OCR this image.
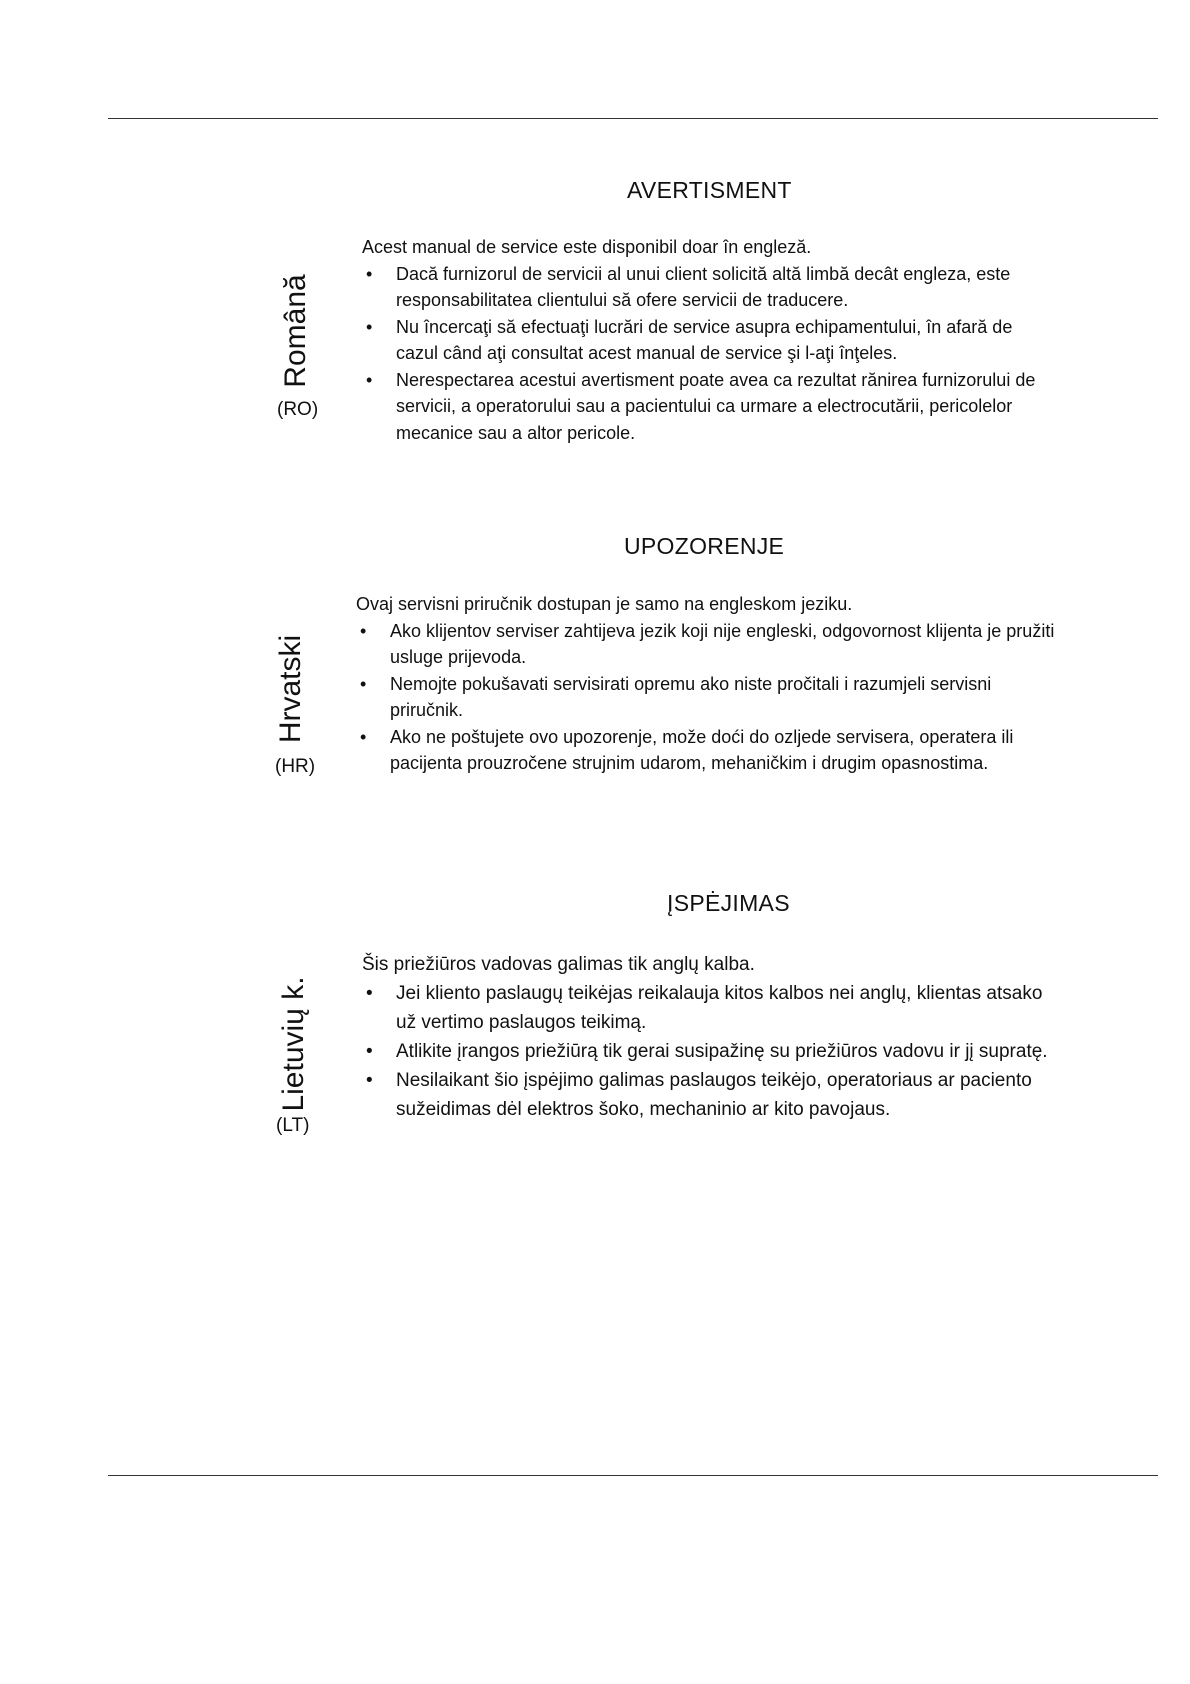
AVERTISMENT
Română
(RO)

Acest manual de service este disponibil doar în engleză.

• Dacă furnizorul de servicii al unui client solicită altă limbă decât engleza, este responsabilitatea clientului să ofere servicii de traducere.
• Nu încercaţi să efectuaţi lucrări de service asupra echipamentului, în afară de cazul când aţi consultat acest manual de service şi l-aţi înţeles.
• Nerespectarea acestui avertisment poate avea ca rezultat rănirea furnizorului de servicii, a operatorului sau a pacientului ca urmare a electrocutării, pericolelor mecanice sau a altor pericole.
UPOZORENJE
Hrvatski
(HR)

Ovaj servisni priručnik dostupan je samo na engleskom jeziku.

• Ako klijentov serviser zahtijeva jezik koji nije engleski, odgovornost klijenta je pružiti usluge prijevoda.
• Nemojte pokušavati servisirati opremu ako niste pročitali i razumjeli servisni priručnik.
• Ako ne poštujete ovo upozorenje, može doći do ozljede servisera, operatera ili pacijenta prouzročene strujnim udarom, mehaničkim i drugim opasnostima.
ĮSPĖJIMAS
Lietuvių k.
(LT)

Šis priežiūros vadovas galimas tik anglų kalba.

• Jei kliento paslaugų teikėjas reikalauja kitos kalbos nei anglų, klientas atsako už vertimo paslaugos teikimą.
• Atlikite įrangos priežiūrą tik gerai susipažinę su priežiūros vadovu ir jį supratę.
• Nesilaikant šio įspėjimo galimas paslaugos teikėjo, operatoriaus ar paciento sužeidimas dėl elektros šoko, mechaninio ar kito pavojaus.
